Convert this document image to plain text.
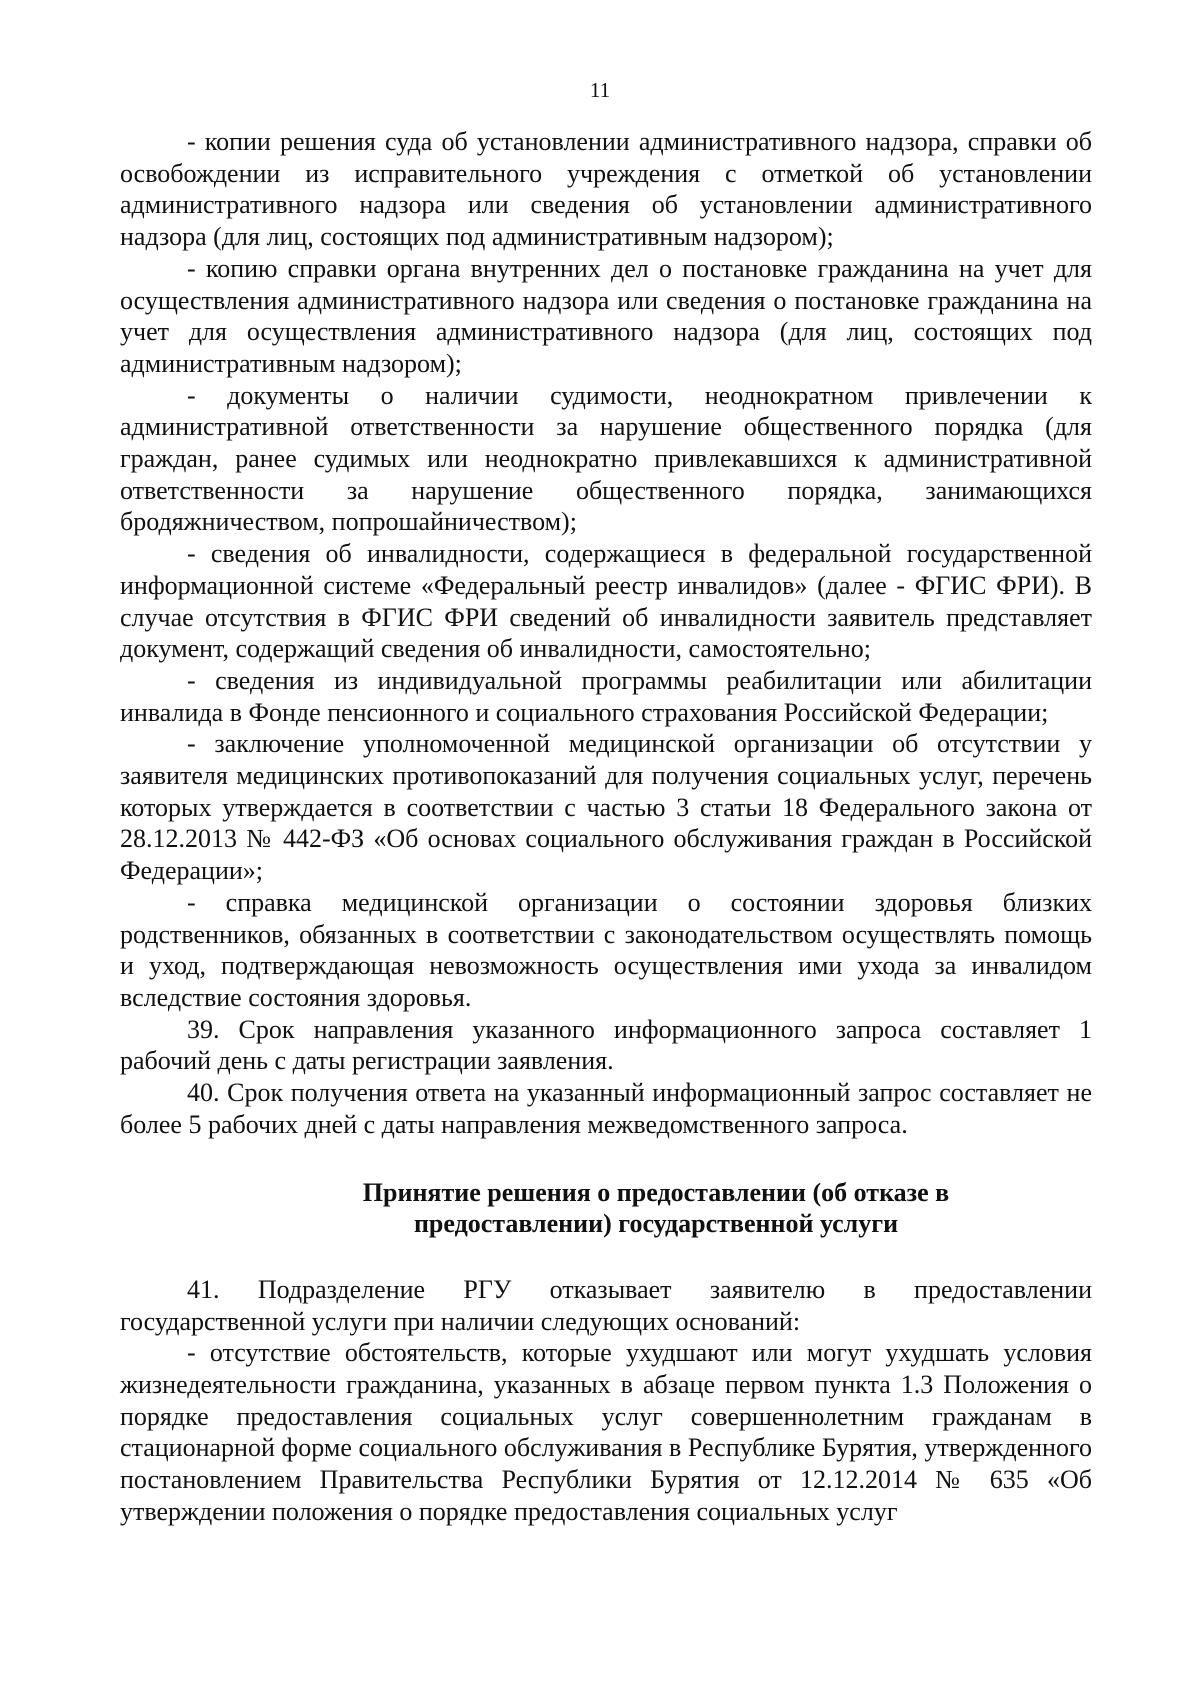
11

- копии решения суда об установлении административного надзора, справки об освобождении из исправительного учреждения с отметкой об установлении административного надзора или сведения об установлении административного надзора (для лиц, состоящих под административным надзором);

- копию справки органа внутренних дел о постановке гражданина на учет для осуществления административного надзора или сведения о постановке гражданина на учет для осуществления административного надзора (для лиц, состоящих под административным надзором);

- документы о наличии судимости, неоднократном привлечении к административной ответственности за нарушение общественного порядка (для граждан, ранее судимых или неоднократно привлекавшихся к административной ответственности за нарушение общественного порядка, занимающихся бродяжничеством, попрошайничеством);

- сведения об инвалидности, содержащиеся в федеральной государственной информационной системе «Федеральный реестр инвалидов» (далее - ФГИС ФРИ). В случае отсутствия в ФГИС ФРИ сведений об инвалидности заявитель представляет документ, содержащий сведения об инвалидности, самостоятельно;

- сведения из индивидуальной программы реабилитации или абилитации инвалида в Фонде пенсионного и социального страхования Российской Федерации;

- заключение уполномоченной медицинской организации об отсутствии у заявителя медицинских противопоказаний для получения социальных услуг, перечень которых утверждается в соответствии с частью 3 статьи 18 Федерального закона от 28.12.2013 № 442-ФЗ «Об основах социального обслуживания граждан в Российской Федерации»;

- справка медицинской организации о состоянии здоровья близких родственников, обязанных в соответствии с законодательством осуществлять помощь и уход, подтверждающая невозможность осуществления ими ухода за инвалидом вследствие состояния здоровья.

39. Срок направления указанного информационного запроса составляет 1 рабочий день с даты регистрации заявления.

40. Срок получения ответа на указанный информационный запрос составляет не более 5 рабочих дней с даты направления межведомственного запроса.

Принятие решения о предоставлении (об отказе в
предоставлении) государственной услуги

41. Подразделение РГУ отказывает заявителю в предоставлении государственной услуги при наличии следующих оснований:

- отсутствие обстоятельств, которые ухудшают или могут ухудшать условия жизнедеятельности гражданина, указанных в абзаце первом пункта 1.3 Положения о порядке предоставления социальных услуг совершеннолетним гражданам в стационарной форме социального обслуживания в Республике Бурятия, утвержденного постановлением Правительства Республики Бурятия от 12.12.2014 № 635 «Об утверждении положения о порядке предоставления социальных услуг
